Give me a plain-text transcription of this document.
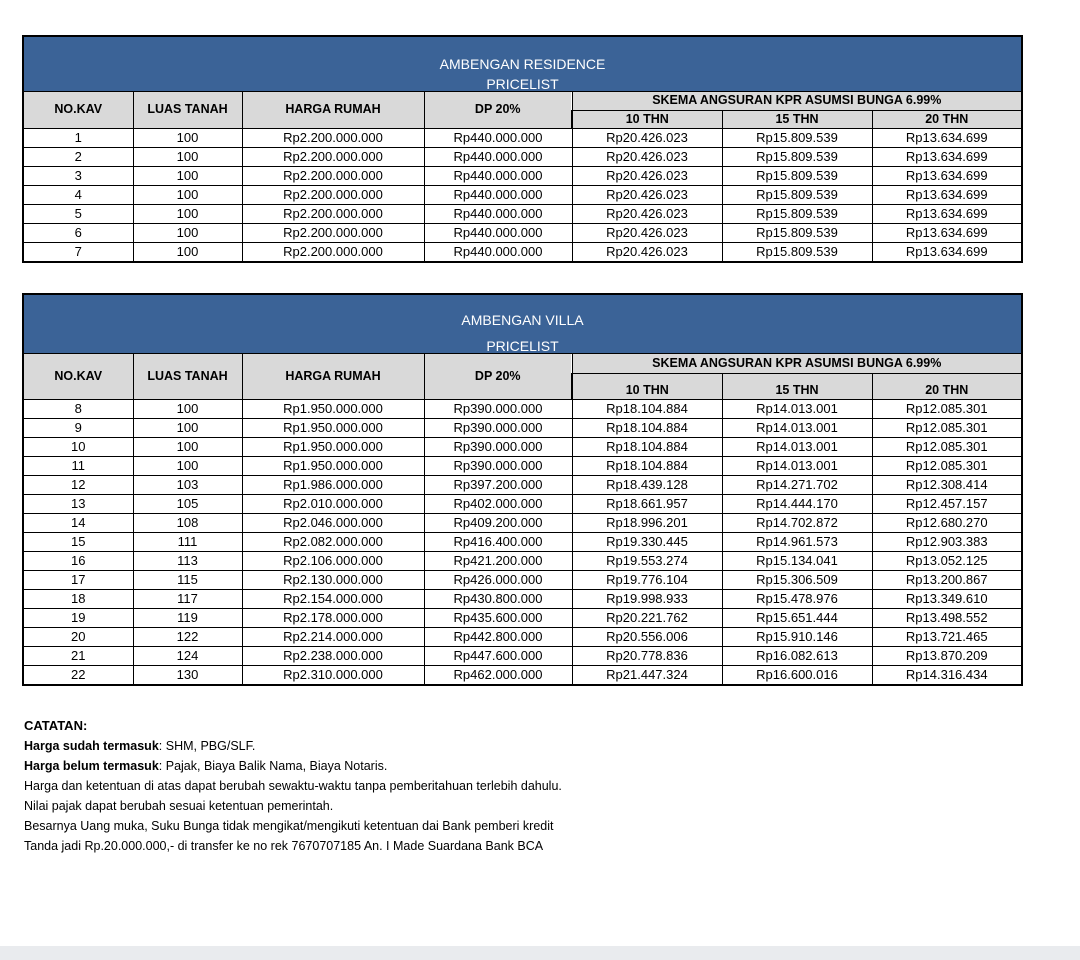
AMBENGAN RESIDENCE						
PRICELIST						
NO.KAV	LUAS TANAH	HARGA RUMAH	DP 20%	SKEMA ANGSURAN KPR ASUMSI BUNGA 6.99%		
				10 THN	15 THN	20 THN
1	100	Rp2.200.000.000	Rp440.000.000	Rp20.426.023	Rp15.809.539	Rp13.634.699
2	100	Rp2.200.000.000	Rp440.000.000	Rp20.426.023	Rp15.809.539	Rp13.634.699
3	100	Rp2.200.000.000	Rp440.000.000	Rp20.426.023	Rp15.809.539	Rp13.634.699
4	100	Rp2.200.000.000	Rp440.000.000	Rp20.426.023	Rp15.809.539	Rp13.634.699
5	100	Rp2.200.000.000	Rp440.000.000	Rp20.426.023	Rp15.809.539	Rp13.634.699
6	100	Rp2.200.000.000	Rp440.000.000	Rp20.426.023	Rp15.809.539	Rp13.634.699
7	100	Rp2.200.000.000	Rp440.000.000	Rp20.426.023	Rp15.809.539	Rp13.634.699
AMBENGAN VILLA						
PRICELIST						
NO.KAV	LUAS TANAH	HARGA RUMAH	DP 20%	SKEMA ANGSURAN KPR ASUMSI BUNGA 6.99%		
				10 THN	15 THN	20 THN
8	100	Rp1.950.000.000	Rp390.000.000	Rp18.104.884	Rp14.013.001	Rp12.085.301
9	100	Rp1.950.000.000	Rp390.000.000	Rp18.104.884	Rp14.013.001	Rp12.085.301
10	100	Rp1.950.000.000	Rp390.000.000	Rp18.104.884	Rp14.013.001	Rp12.085.301
11	100	Rp1.950.000.000	Rp390.000.000	Rp18.104.884	Rp14.013.001	Rp12.085.301
12	103	Rp1.986.000.000	Rp397.200.000	Rp18.439.128	Rp14.271.702	Rp12.308.414
13	105	Rp2.010.000.000	Rp402.000.000	Rp18.661.957	Rp14.444.170	Rp12.457.157
14	108	Rp2.046.000.000	Rp409.200.000	Rp18.996.201	Rp14.702.872	Rp12.680.270
15	111	Rp2.082.000.000	Rp416.400.000	Rp19.330.445	Rp14.961.573	Rp12.903.383
16	113	Rp2.106.000.000	Rp421.200.000	Rp19.553.274	Rp15.134.041	Rp13.052.125
17	115	Rp2.130.000.000	Rp426.000.000	Rp19.776.104	Rp15.306.509	Rp13.200.867
18	117	Rp2.154.000.000	Rp430.800.000	Rp19.998.933	Rp15.478.976	Rp13.349.610
19	119	Rp2.178.000.000	Rp435.600.000	Rp20.221.762	Rp15.651.444	Rp13.498.552
20	122	Rp2.214.000.000	Rp442.800.000	Rp20.556.006	Rp15.910.146	Rp13.721.465
21	124	Rp2.238.000.000	Rp447.600.000	Rp20.778.836	Rp16.082.613	Rp13.870.209
22	130	Rp2.310.000.000	Rp462.000.000	Rp21.447.324	Rp16.600.016	Rp14.316.434
CATATAN:
Harga sudah termasuk: SHM, PBG/SLF.
Harga belum termasuk: Pajak, Biaya Balik Nama, Biaya Notaris.
Harga dan ketentuan di atas dapat berubah sewaktu-waktu tanpa pemberitahuan terlebih dahulu.
Nilai pajak dapat berubah sesuai ketentuan pemerintah.
Besarnya Uang muka, Suku Bunga tidak mengikat/mengikuti ketentuan dai Bank pemberi kredit
Tanda jadi Rp.20.000.000,- di transfer ke no rek 7670707185 An. I Made Suardana Bank BCA
